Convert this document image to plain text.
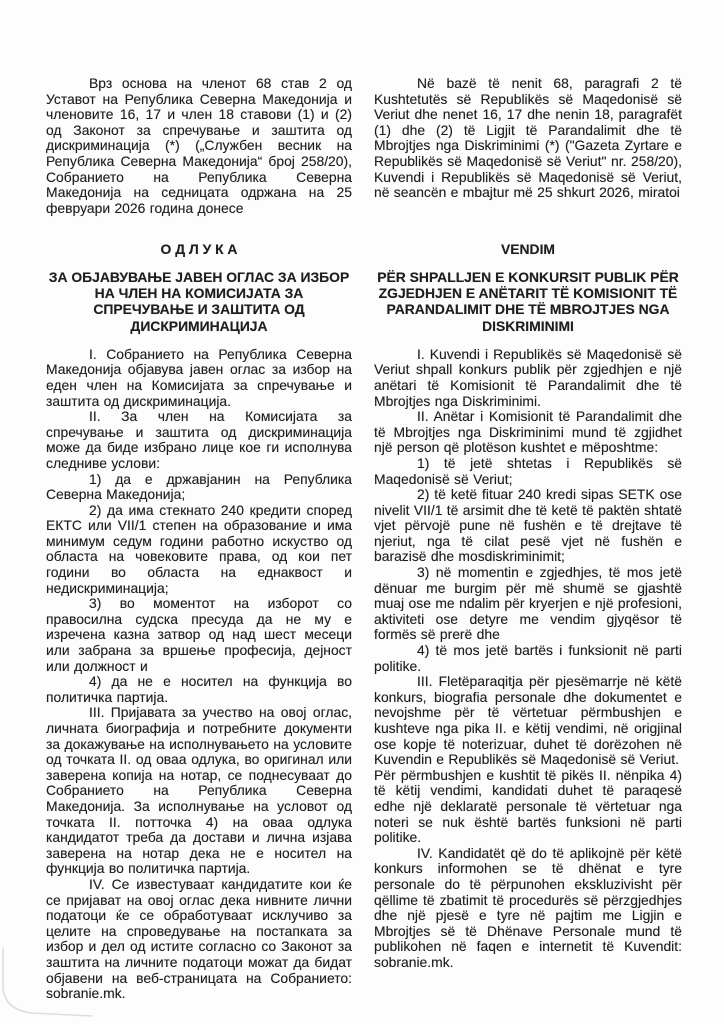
Врз основа на членот 68 став 2 од Уставот на Република Северна Македонија и членовите 16, 17 и член 18 ставови (1) и (2) од Законот за спречување и заштита од дискриминација (*) („Службен весник на Република Северна Македонија“ број 258/20), Собранието на Република Северна Македонија на седницата одржана на 25 февруари 2026 година донесе

Në bazë të nenit 68, paragrafi 2 të Kushtetutës së Republikës së Maqedonisë së Veriut dhe nenet 16, 17 dhe nenin 18, paragrafët (1) dhe (2) të Ligjit të Parandalimit dhe të Mbrojtjes nga Diskriminimi (*) ("Gazeta Zyrtare e Republikës së Maqedonisë së Veriut" nr. 258/20), Kuvendi i Republikës së Maqedonisë së Veriut, në seancën e mbajtur më 25 shkurt 2026, miratoi

О Д Л У К А	VENDIM
ЗА ОБЈАВУВАЊЕ ЈАВЕН ОГЛАС ЗА ИЗБОР НА ЧЛЕН НА КОМИСИЈАТА ЗА СПРЕЧУВАЊЕ И ЗАШТИТА ОД ДИСКРИМИНАЦИЈА
PËR SHPALLJEN E KONKURSIT PUBLIK PËR ZGJEDHJEN E ANËTARIT TË KOMISIONIT TË PARANDALIMIT DHE TË MBROJTJES NGA DISKRIMINIMI

I. Собранието на Република Северна Македонија објавува јавен оглас за избор на еден член на Комисијата за спречување и заштита од дискриминација.

II. За член на Комисијата за спречување и заштита од дискриминација може да биде избрано лице кое ги исполнува следниве услови:

1) да е државјанин на Република Северна Македонија;

2) да има стекнато 240 кредити според ЕКТС или VII/1 степен на образование и има минимум седум години работно искуство од областа на човековите права, од кои пет години во областа на еднаквост и недискриминација;

3) во моментот на изборот со правосилна судска пресуда да не му е изречена казна затвор од над шест месеци или забрана за вршење професија, дејност или должност и

4) да не е носител на функција во политичка партија.

III. Пријавата за учество на овој оглас, личната биографија и потребните документи за докажување на исполнувањето на условите од точката II. од оваа одлука, во оригинал или заверена копија на нотар, се поднесуваат до Собранието на Република Северна Македонија. За исполнување на условот од точката II. потточка 4) на оваа одлука кандидатот треба да достави и лична изјава заверена на нотар дека не е носител на функција во политичка партија.

IV. Се известуваат кандидатите кои ќе се пријават на овој оглас дека нивните лични податоци ќе се обработуваат исклучиво за целите на спроведување на постапката за избор и дел од истите согласно со Законот за заштита на личните податоци можат да бидат објавени на веб-страницата на Собранието: sobranie.mk.

I. Kuvendi i Republikës së Maqedonisë së Veriut shpall konkurs publik për zgjedhjen e një anëtari të Komisionit të Parandalimit dhe të Mbrojtjes nga Diskriminimi.

II. Anëtar i Komisionit të Parandalimit dhe të Mbrojtjes nga Diskriminimi mund të zgjidhet një person që plotëson kushtet e mëposhtme:

1) të jetë shtetas i Republikës së Maqedonisë së Veriut;

2) të ketë fituar 240 kredi sipas SETK ose nivelit VII/1 të arsimit dhe të ketë të paktën shtatë vjet përvojë pune në fushën e të drejtave të njeriut, nga të cilat pesë vjet në fushën e barazisë dhe mosdiskriminimit;

3) në momentin e zgjedhjes, të mos jetë dënuar me burgim për më shumë se gjashtë muaj ose me ndalim për kryerjen e një profesioni, aktiviteti ose detyre me vendim gjyqësor të formës së prerë dhe

4) të mos jetë bartës i funksionit në parti politike.

III. Fletëparaqitja për pjesëmarrje në këtë konkurs, biografia personale dhe dokumentet e nevojshme për të vërtetuar përmbushjen e kushteve nga pika II. e këtij vendimi, në origjinal ose kopje të noterizuar, duhet të dorëzohen në Kuvendin e Republikës së Maqedonisë së Veriut.

Për përmbushjen e kushtit të pikës II. nënpika 4) të këtij vendimi, kandidati duhet të paraqesë edhe një deklaratë personale të vërtetuar nga noteri se nuk është bartës funksioni në parti politike.

IV. Kandidatët që do të aplikojnë për këtë konkurs informohen se të dhënat e tyre personale do të përpunohen ekskluzivisht për qëllime të zbatimit të procedurës së përzgjedhjes dhe një pjesë e tyre në pajtim me Ligjin e Mbrojtjes së të Dhënave Personale mund të publikohen në faqen e internetit të Kuvendit: sobranie.mk.
